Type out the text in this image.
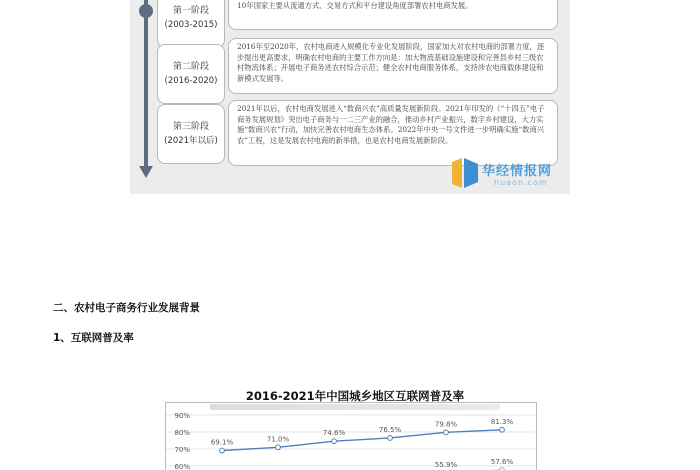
第一阶段
(2003-2015)
10年国家主要从流通方式、交易方式和平台建设角度部署农村电商发展。
第二阶段
(2016-2020)
2016年至2020年，农村电商进入规模化专业化发展阶段，国家加大对农村电商的部署力度，逐步提出更高要求，明确农村电商的主要工作方向是：加大物流基础设施建设和完善县乡村三级农村物流体系；开展电子商务进农村综合示范；健全农村电商服务体系，支持涉农电商载体建设和新模式发展等。
第三阶段
(2021年以后)
2021年以后，农村电商发展进入“数商兴农”高质量发展新阶段。2021年印发的《“十四五”电子商务发展规划》突出电子商务与一二三产业的融合，推动乡村产业振兴，数字乡村建设，大力实施“数商兴农”行动，加快完善农村电商生态体系。2022年中央一号文件进一步明确实施“数商兴农”工程，这是发展农村电商的新举措，也是农村电商发展新阶段。
华经情报网
huaon.com
二、农村电子商务行业发展背景
1、互联网普及率
2016-2021年中国城乡地区互联网普及率
90%
80%
70%
60%
69.1%	71.0%
74.6%	76.5%
79.8%	81.3%
55.9%	57.6%
